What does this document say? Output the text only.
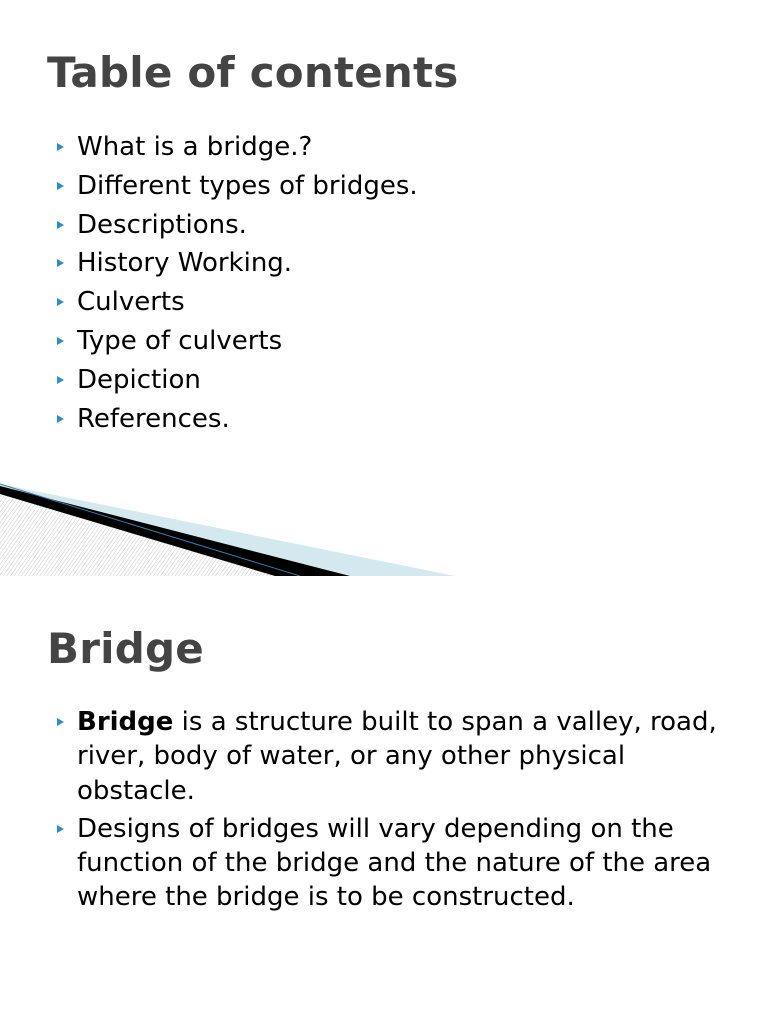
Table of contents
What is a bridge.?
Different types of bridges.
Descriptions.
History Working.
Culverts
Type of culverts
Depiction
References.
Bridge
Bridge is a structure built to span a valley, road, river, body of water, or any other physical obstacle.
Designs of bridges will vary depending on the function of the bridge and the nature of the area where the bridge is to be constructed.
